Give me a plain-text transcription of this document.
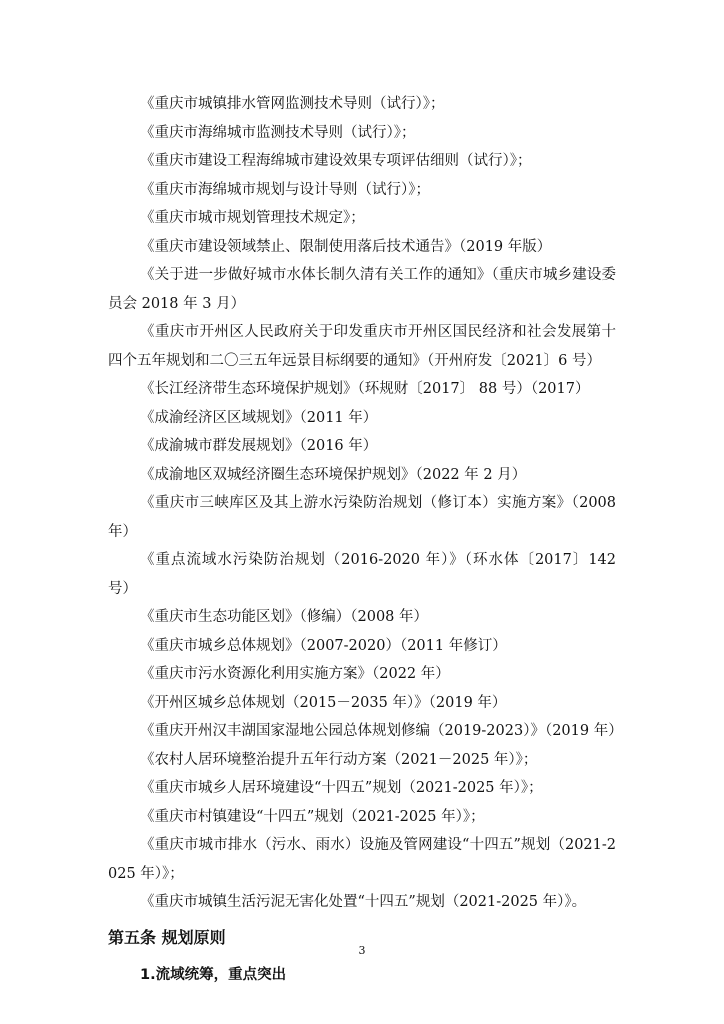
《重庆市城镇排水管网监测技术导则（试行）》；

《重庆市海绵城市监测技术导则（试行）》；

《重庆市建设工程海绵城市建设效果专项评估细则（试行）》；

《重庆市海绵城市规划与设计导则（试行）》；

《重庆市城市规划管理技术规定》；

《重庆市建设领域禁止、限制使用落后技术通告》（2019 年版）

《关于进一步做好城市水体长制久清有关工作的通知》（重庆市城乡建设委员会 2018 年 3 月）

《重庆市开州区人民政府关于印发重庆市开州区国民经济和社会发展第十四个五年规划和二〇三五年远景目标纲要的通知》（开州府发〔2021〕6 号）

《长江经济带生态环境保护规划》（环规财〔2017〕 88 号）（2017）

《成渝经济区区域规划》（2011 年）

《成渝城市群发展规划》（2016 年）

《成渝地区双城经济圈生态环境保护规划》（2022 年 2 月）

《重庆市三峡库区及其上游水污染防治规划（修订本）实施方案》（2008 年）

《重点流域水污染防治规划（2016-2020 年）》（环水体〔2017〕142 号）

《重庆市生态功能区划》（修编）（2008 年）

《重庆市城乡总体规划》（2007-2020）（2011 年修订）

《重庆市污水资源化利用实施方案》（2022 年）

《开州区城乡总体规划（2015－2035 年）》（2019 年）

《重庆开州汉丰湖国家湿地公园总体规划修编（2019-2023）》（2019 年）

《农村人居环境整治提升五年行动方案（2021－2025 年）》；

《重庆市城乡人居环境建设“十四五”规划（2021-2025 年）》；

《重庆市村镇建设“十四五”规划（2021-2025 年）》；

《重庆市城市排水（污水、雨水）设施及管网建设“十四五”规划（2021-2025 年）》；

《重庆市城镇生活污泥无害化处置“十四五”规划（2021-2025 年）》。

第五条 规划原则
1.流域统筹，重点突出
3
